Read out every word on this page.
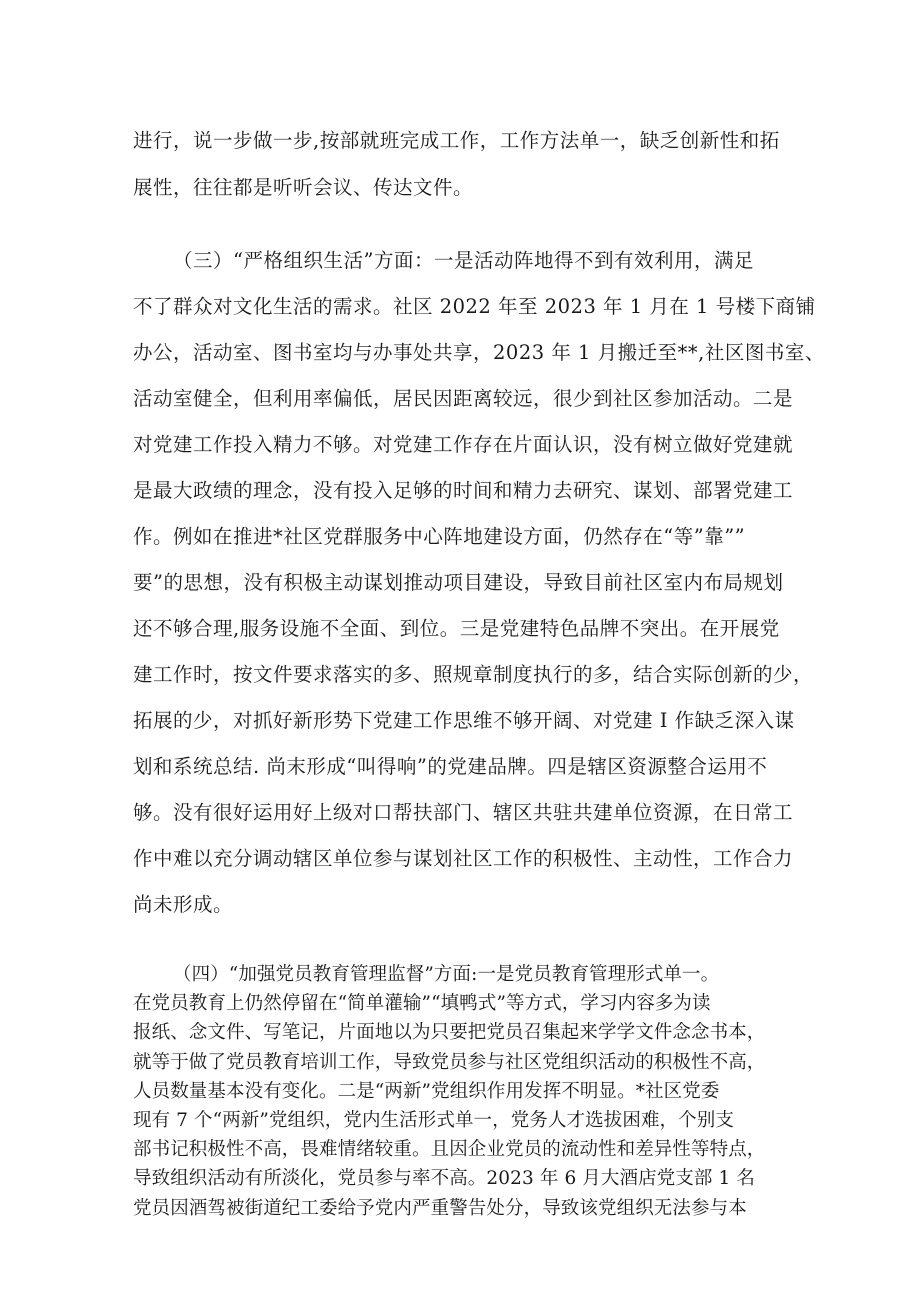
进行，说一步做一步,按部就班完成工作，工作方法单一，缺乏创新性和拓
展性，往往都是听听会议、传达文件。
（三）“严格组织生活”方面：一是活动阵地得不到有效利用，满足
不了群众对文化生活的需求。社区 2022 年至 2023 年 1 月在 1 号楼下商铺
办公，活动室、图书室均与办事处共享，2023 年 1 月搬迁至**,社区图书室、
活动室健全，但利用率偏低，居民因距离较远，很少到社区参加活动。二是
对党建工作投入精力不够。对党建工作存在片面认识，没有树立做好党建就
是最大政绩的理念，没有投入足够的时间和精力去研究、谋划、部署党建工
作。例如在推进*社区党群服务中心阵地建设方面，仍然存在“等”靠””
要”的思想，没有积极主动谋划推动项目建设，导致目前社区室内布局规划
还不够合理,服务设施不全面、到位。三是党建特色品牌不突出。在开展党
建工作时，按文件要求落实的多、照规章制度执行的多，结合实际创新的少，
拓展的少，对抓好新形势下党建工作思维不够开阔、对党建 I 作缺乏深入谋
划和系统总结. 尚末形成“叫得响”的党建品牌。四是辖区资源整合运用不
够。没有很好运用好上级对口帮扶部门、辖区共驻共建单位资源，在日常工
作中难以充分调动辖区单位参与谋划社区工作的积极性、主动性，工作合力
尚未形成。
（四）“加强党员教育管理监督”方面:一是党员教育管理形式单一。
在党员教育上仍然停留在“简单灌输”“填鸭式”等方式，学习内容多为读
报纸、念文件、写笔记，片面地以为只要把党员召集起来学学文件念念书本，
就等于做了党员教育培训工作，导致党员参与社区党组织活动的积极性不高，
人员数量基本没有变化。二是“两新”党组织作用发挥不明显。*社区党委
现有 7 个“两新”党组织，党内生活形式单一，党务人才选拔困难，个别支
部书记积极性不高，畏难情绪较重。且因企业党员的流动性和差异性等特点，
导致组织活动有所淡化，党员参与率不高。2023 年 6 月大酒店党支部 1 名
党员因酒驾被街道纪工委给予党内严重警告处分，导致该党组织无法参与本
